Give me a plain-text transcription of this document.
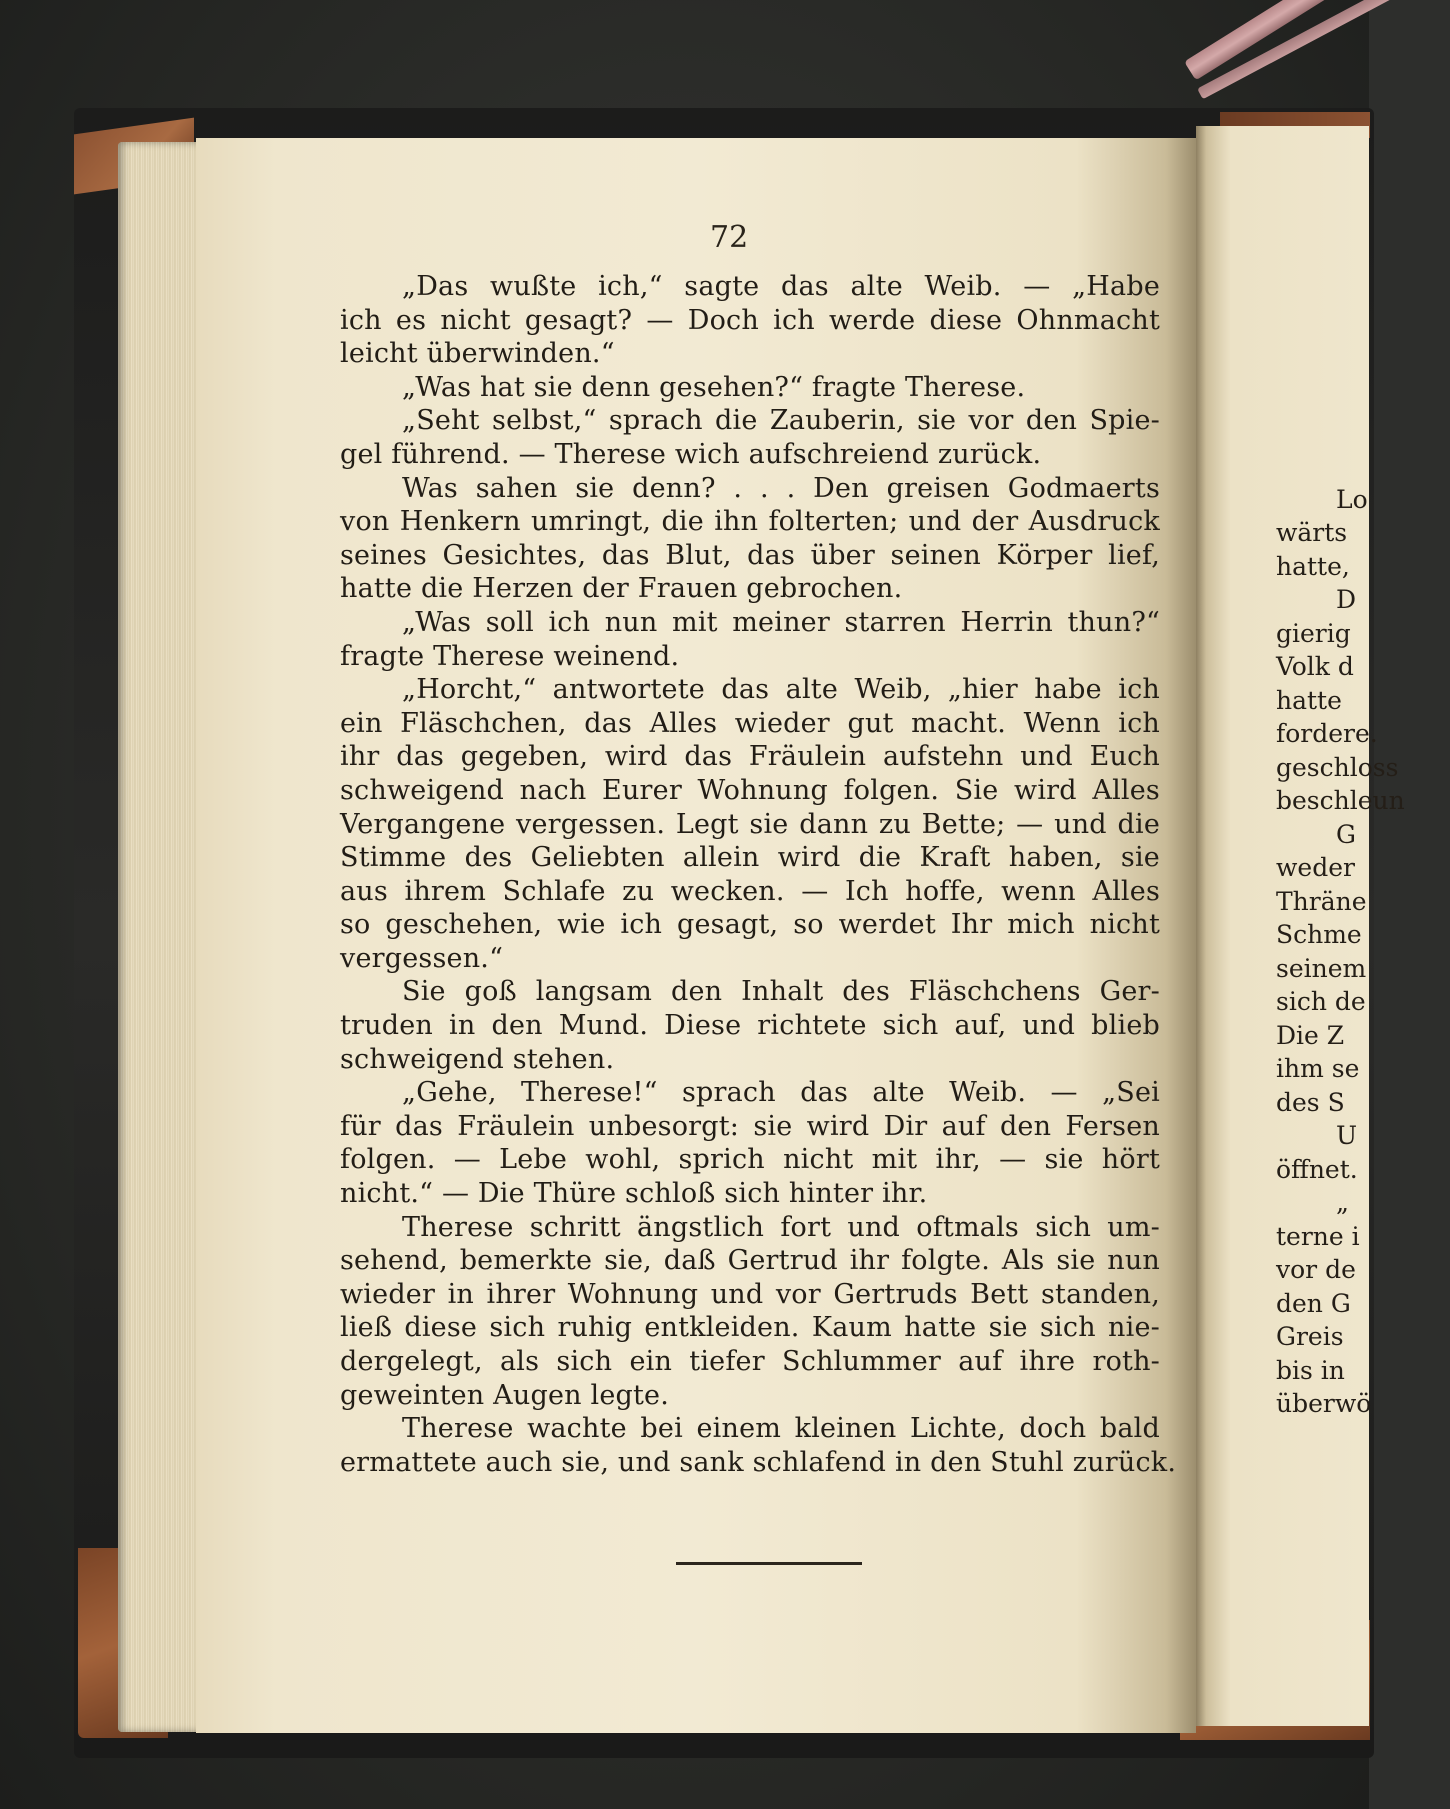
72
„Das wußte ich,“ sagte das alte Weib. — „Habe
ich es nicht gesagt? — Doch ich werde diese Ohnmacht
leicht überwinden.“
„Was hat sie denn gesehen?“ fragte Therese.
„Seht selbst,“ sprach die Zauberin, sie vor den Spie-
gel führend. — Therese wich aufschreiend zurück.
Was sahen sie denn? . . . Den greisen Godmaerts
von Henkern umringt, die ihn folterten; und der Ausdruck
seines Gesichtes, das Blut, das über seinen Körper lief,
hatte die Herzen der Frauen gebrochen.
„Was soll ich nun mit meiner starren Herrin thun?“
fragte Therese weinend.
„Horcht,“ antwortete das alte Weib, „hier habe ich
ein Fläschchen, das Alles wieder gut macht. Wenn ich
ihr das gegeben, wird das Fräulein aufstehn und Euch
schweigend nach Eurer Wohnung folgen. Sie wird Alles
Vergangene vergessen. Legt sie dann zu Bette; — und die
Stimme des Geliebten allein wird die Kraft haben, sie
aus ihrem Schlafe zu wecken. — Ich hoffe, wenn Alles
so geschehen, wie ich gesagt, so werdet Ihr mich nicht
vergessen.“
Sie goß langsam den Inhalt des Fläschchens Ger-
truden in den Mund. Diese richtete sich auf, und blieb
schweigend stehen.
„Gehe, Therese!“ sprach das alte Weib. — „Sei
für das Fräulein unbesorgt: sie wird Dir auf den Fersen
folgen. — Lebe wohl, sprich nicht mit ihr, — sie hört
nicht.“ — Die Thüre schloß sich hinter ihr.
Therese schritt ängstlich fort und oftmals sich um-
sehend, bemerkte sie, daß Gertrud ihr folgte. Als sie nun
wieder in ihrer Wohnung und vor Gertruds Bett standen,
ließ diese sich ruhig entkleiden. Kaum hatte sie sich nie-
dergelegt, als sich ein tiefer Schlummer auf ihre roth-
geweinten Augen legte.
Therese wachte bei einem kleinen Lichte, doch bald
ermattete auch sie, und sank schlafend in den Stuhl zurück.
Lo
wärts
hatte,
D
gierig
Volk d
hatte
fordere.
geschloss
beschleun
G
weder
Thräne
Schme
seinem
sich de
Die Z
ihm se
des S
U
öffnet.
„
terne i
vor de
den G
Greis
bis in
überwö
